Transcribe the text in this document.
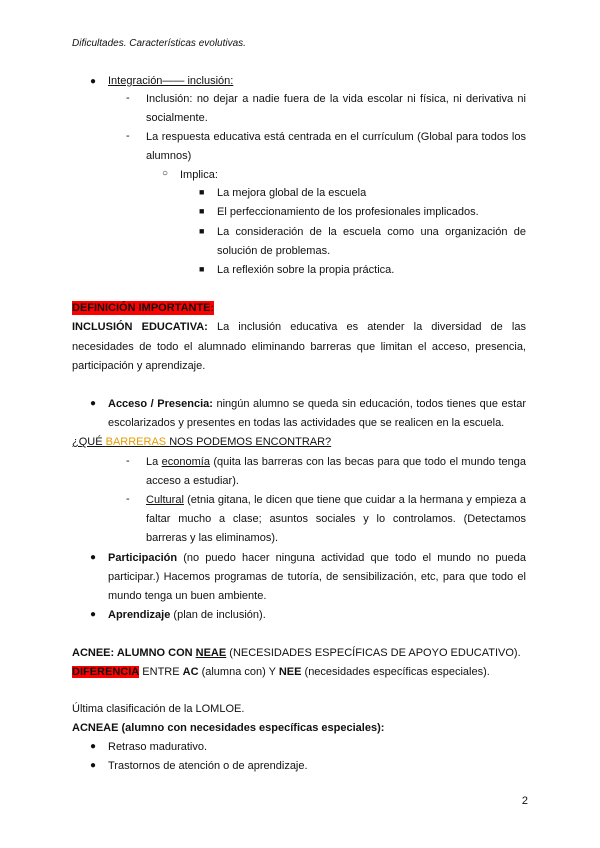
Dificultades. Características evolutivas.
● Integración—— inclusión:
- Inclusión: no dejar a nadie fuera de la vida escolar ni física, ni derivativa ni
socialmente.
- La respuesta educativa está centrada en el currículum (Global para todos los
alumnos)
○ Implica:
■ La mejora global de la escuela
■ El perfeccionamiento de los profesionales implicados.
■ La consideración de la escuela como una organización de
solución de problemas.
■ La reflexión sobre la propia práctica.
DEFINICIÓN IMPORTANTE:
INCLUSIÓN EDUCATIVA: La inclusión educativa es atender la diversidad de las
necesidades de todo el alumnado eliminando barreras que limitan el acceso, presencia,
participación y aprendizaje.
● Acceso / Presencia: ningún alumno se queda sin educación, todos tienes que estar
escolarizados y presentes en todas las actividades que se realicen en la escuela.
¿QUÉ BARRERAS NOS PODEMOS ENCONTRAR?
- La economía (quita las barreras con las becas para que todo el mundo tenga
acceso a estudiar).
- Cultural (etnia gitana, le dicen que tiene que cuidar a la hermana y empieza a
faltar mucho a clase; asuntos sociales y lo controlamos. (Detectamos
barreras y las eliminamos).
● Participación (no puedo hacer ninguna actividad que todo el mundo no pueda
participar.) Hacemos programas de tutoría, de sensibilización, etc, para que todo el
mundo tenga un buen ambiente.
● Aprendizaje (plan de inclusión).
ACNEE: ALUMNO CON NEAE (NECESIDADES ESPECÍFICAS DE APOYO EDUCATIVO).
DIFERENCIA ENTRE AC (alumna con) Y NEE (necesidades específicas especiales).
Última clasificación de la LOMLOE.
ACNEAE (alumno con necesidades específicas especiales):
● Retraso madurativo.
● Trastornos de atención o de aprendizaje.
2
